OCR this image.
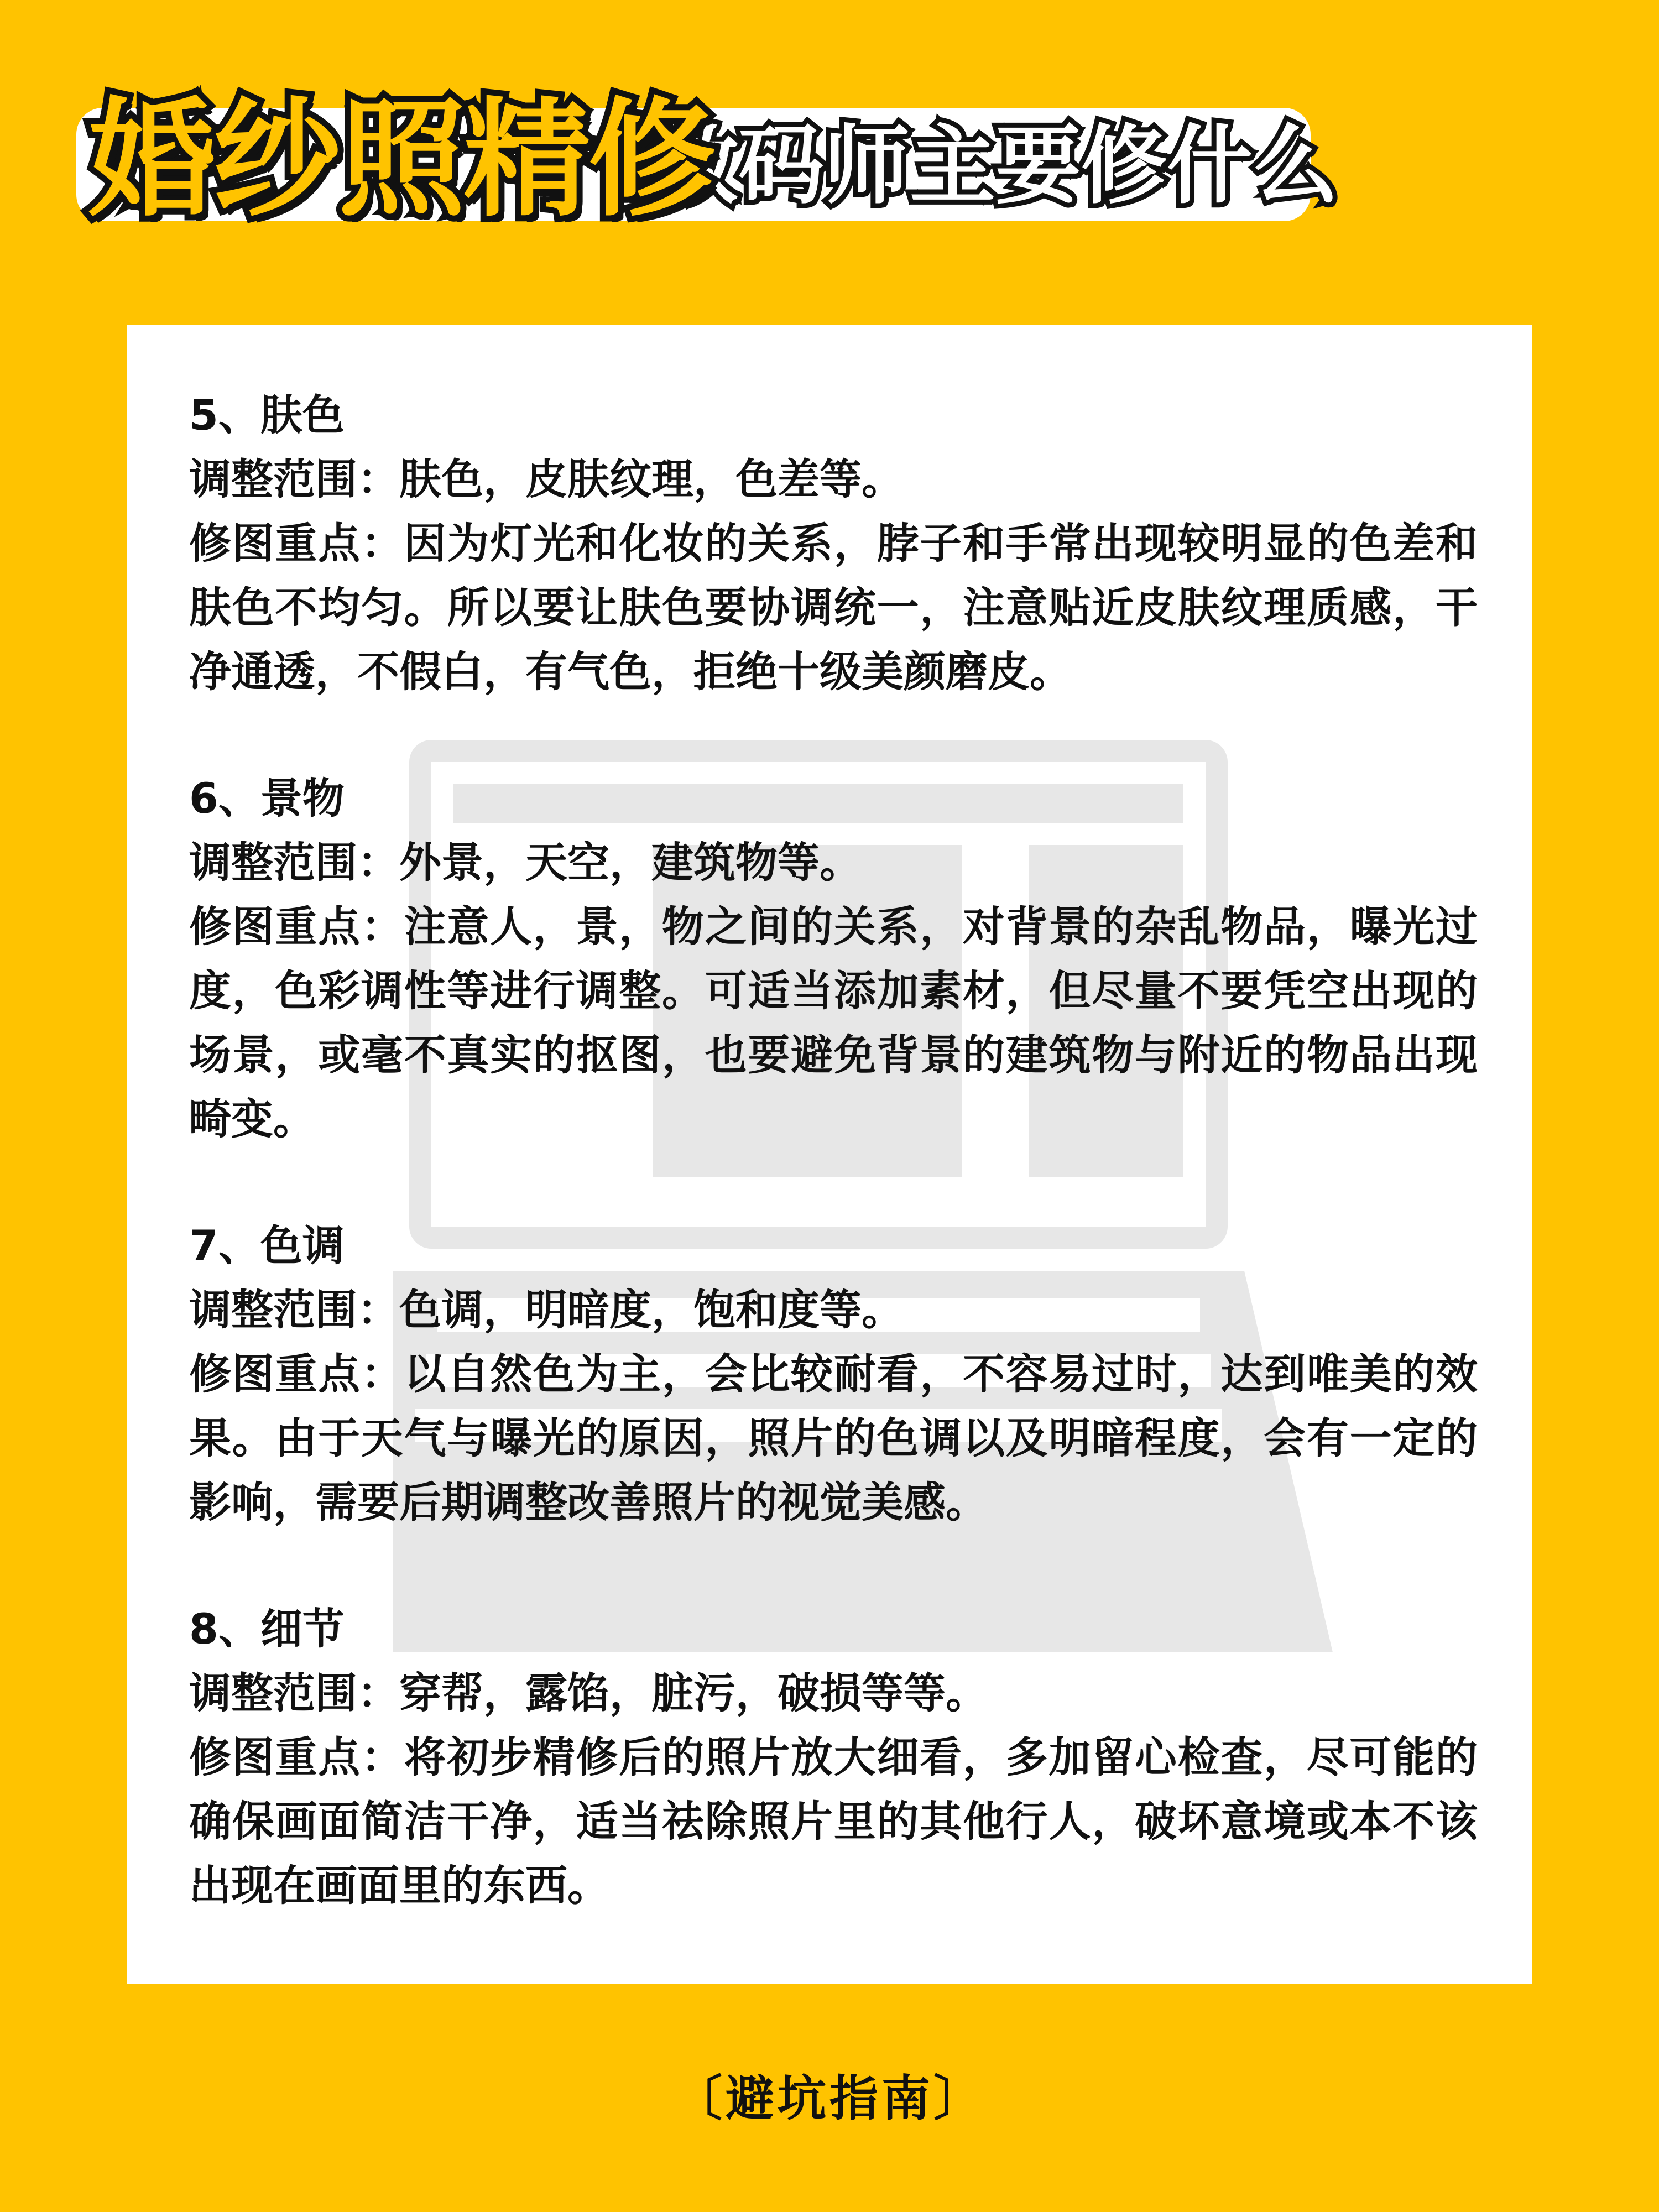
数码师主要修什么
婚纱照精修

5、肤色

调整范围：肤色，皮肤纹理，色差等。

修图重点：因为灯光和化妆的关系，脖子和手常出现较明显的色差和肤色不均匀。所以要让肤色要协调统一，注意贴近皮肤纹理质感，干净通透，不假白，有气色，拒绝十级美颜磨皮。

6、景物

调整范围：外景，天空，建筑物等。

修图重点：注意人，景，物之间的关系，对背景的杂乱物品，曝光过度，色彩调性等进行调整。可适当添加素材，但尽量不要凭空出现的场景，或毫不真实的抠图，也要避免背景的建筑物与附近的物品出现畸变。

7、色调

调整范围：色调，明暗度，饱和度等。

修图重点：以自然色为主，会比较耐看，不容易过时，达到唯美的效果。由于天气与曝光的原因，照片的色调以及明暗程度，会有一定的影响，需要后期调整改善照片的视觉美感。

8、细节

调整范围：穿帮，露馅，脏污，破损等等。

修图重点：将初步精修后的照片放大细看，多加留心检查，尽可能的确保画面简洁干净，适当祛除照片里的其他行人，破坏意境或本不该出现在画面里的东西。

〔避坑指南〕
